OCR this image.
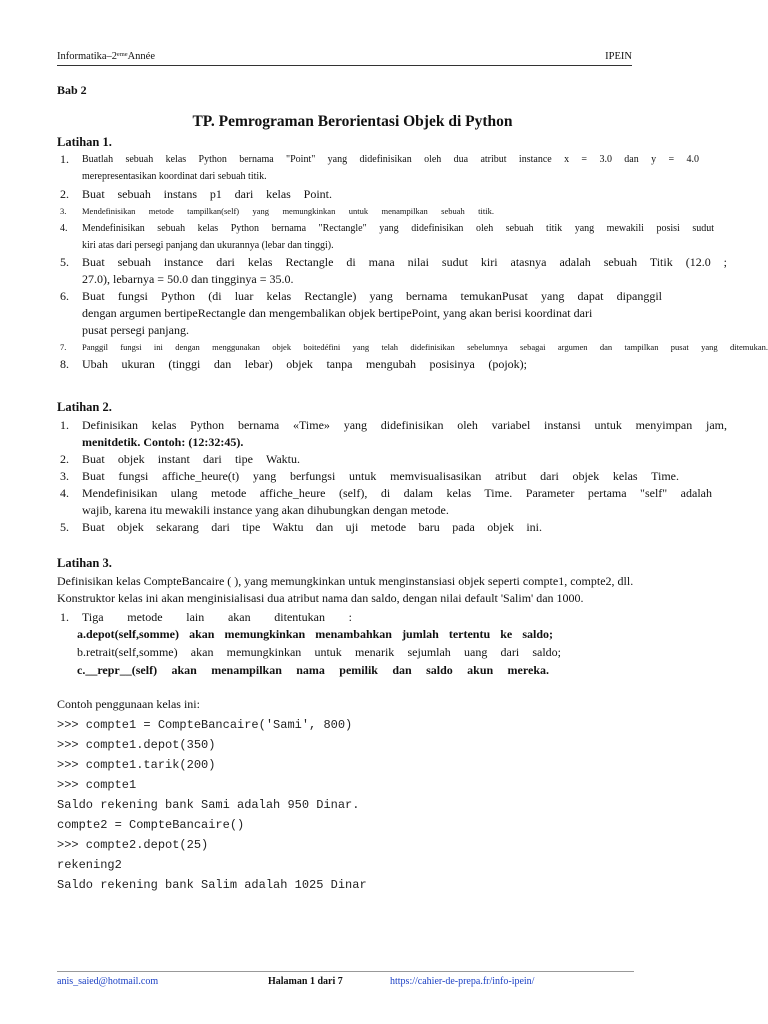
Informatika–2ᵉᵐᵉAnnée	IPEIN
Bab 2
TP. Pemrograman Berorientasi Objek di Python
Latihan 1.
1. Buatlah sebuah kelas Python bernama "Point" yang didefinisikan oleh dua atribut instance x = 3.0 dan y = 4.0
merepresentasikan koordinat dari sebuah titik.
2. Buat sebuah instans p1 dari kelas Point.
3. Mendefinisikan metode tampilkan(self) yang memungkinkan untuk menampilkan sebuah titik.
4. Mendefinisikan sebuah kelas Python bernama "Rectangle" yang didefinisikan oleh sebuah titik yang mewakili posisi sudut
kiri atas dari persegi panjang dan ukurannya (lebar dan tinggi).
5. Buat sebuah instance dari kelas Rectangle di mana nilai sudut kiri atasnya adalah sebuah Titik (12.0 ;
27.0), lebarnya = 50.0 dan tingginya = 35.0.
6. Buat fungsi Python (di luar kelas Rectangle) yang bernama temukanPusat yang dapat dipanggil
dengan argumen bertipeRectangle dan mengembalikan objek bertipePoint, yang akan berisi koordinat dari
pusat persegi panjang.
7. Panggil fungsi ini dengan menggunakan objek boitedéfini yang telah didefinisikan sebelumnya sebagai argumen dan tampilkan pusat yang ditemukan.
8. Ubah ukuran (tinggi dan lebar) objek tanpa mengubah posisinya (pojok);
Latihan 2.
1. Definisikan kelas Python bernama «Time» yang didefinisikan oleh variabel instansi untuk menyimpan jam,
menitdetik. Contoh: (12:32:45).
2. Buat objek instant dari tipe Waktu.
3. Buat fungsi affiche_heure(t) yang berfungsi untuk memvisualisasikan atribut dari objek kelas Time.
4. Mendefinisikan ulang metode affiche_heure (self), di dalam kelas Time. Parameter pertama "self" adalah
wajib, karena itu mewakili instance yang akan dihubungkan dengan metode.
5. Buat objek sekarang dari tipe Waktu dan uji metode baru pada objek ini.
Latihan 3.
Definisikan kelas CompteBancaire ( ), yang memungkinkan untuk menginstansiasi objek seperti compte1, compte2, dll.
Konstruktor kelas ini akan menginisialisasi dua atribut nama dan saldo, dengan nilai default 'Salim' dan 1000.
1. Tiga metode lain akan ditentukan :
a.depot(self,somme) akan memungkinkan menambahkan jumlah tertentu ke saldo;
b.retrait(self,somme) akan memungkinkan untuk menarik sejumlah uang dari saldo;
c.__repr__(self) akan menampilkan nama pemilik dan saldo akun mereka.
Contoh penggunaan kelas ini:
>>> compte1 = CompteBancaire('Sami', 800)
>>> compte1.depot(350)
>>> compte1.tarik(200)
>>> compte1
Saldo rekening bank Sami adalah 950 Dinar.
compte2 = CompteBancaire()
>>> compte2.depot(25)
rekening2
Saldo rekening bank Salim adalah 1025 Dinar
anis_saied@hotmail.com	Halaman 1 dari 7	https://cahier-de-prepa.fr/info-ipein/
